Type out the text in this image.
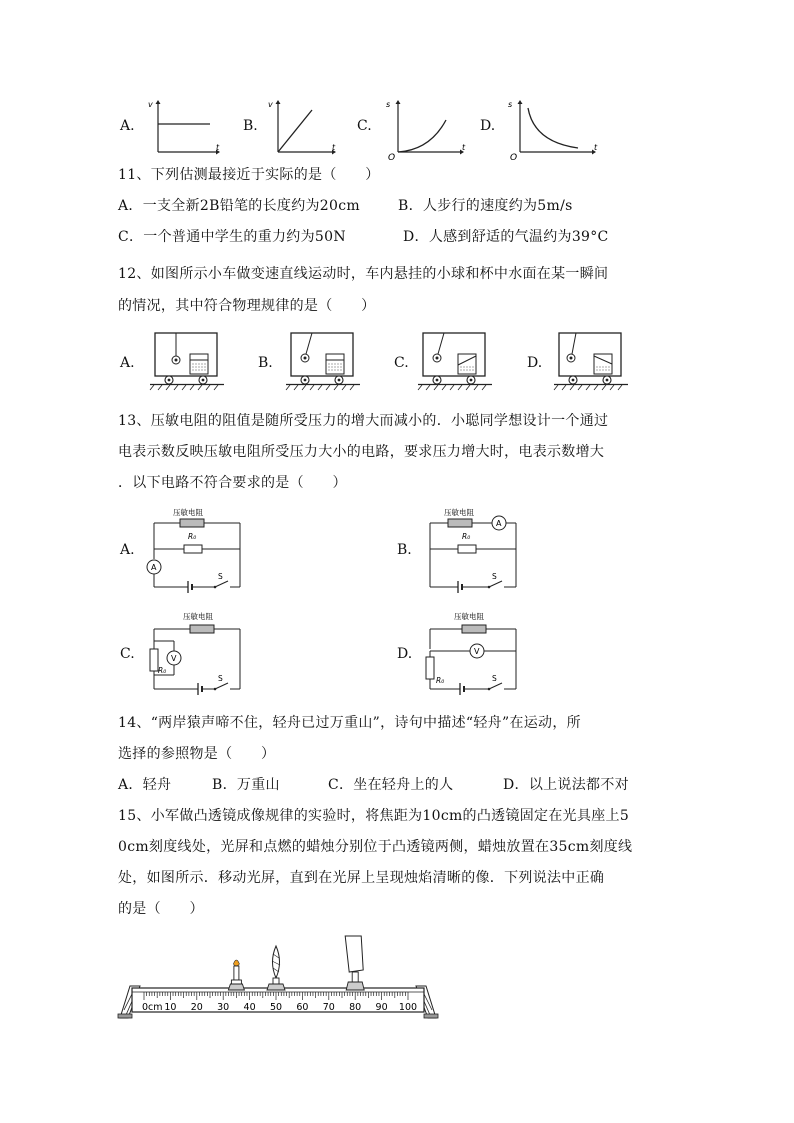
A.
v
t
B.
v
t
C.
s
t
O
D.
s
t
O
11、下列估测最接近于实际的是（　　）
A．一支全新2B铅笔的长度约为20cm	B．人步行的速度约为5m/s
C．一个普通中学生的重力约为50N	D．人感到舒适的气温约为39°C
12、如图所示小车做变速直线运动时，车内悬挂的小球和杯中水面在某一瞬间
的情况，其中符合物理规律的是（　　）
A.	B.	C.	D.
13、压敏电阻的阻值是随所受压力的增大而减小的．小聪同学想设计一个通过
电表示数反映压敏电阻所受压力大小的电路，要求压力增大时，电表示数增大
．以下电路不符合要求的是（　　）
A.
压敏电阻
R₀
A
S
B.
压敏电阻
A
R₀
S
C.
压敏电阻
R₀
V
S
D.
压敏电阻
V
R₀	S
14、“两岸猿声啼不住，轻舟已过万重山”，诗句中描述“轻舟”在运动，所
选择的参照物是（　　）
A．轻舟	B．万重山	C．坐在轻舟上的人	D．以上说法都不对
15、小军做凸透镜成像规律的实验时，将焦距为10cm的凸透镜固定在光具座上5
0cm刻度线处，光屏和点燃的蜡烛分别位于凸透镜两侧，蜡烛放置在35cm刻度线
处，如图所示．移动光屏，直到在光屏上呈现烛焰清晰的像．下列说法中正确
的是（　　）
0cm 10 20 30 40 50 60 70 80 90 100
